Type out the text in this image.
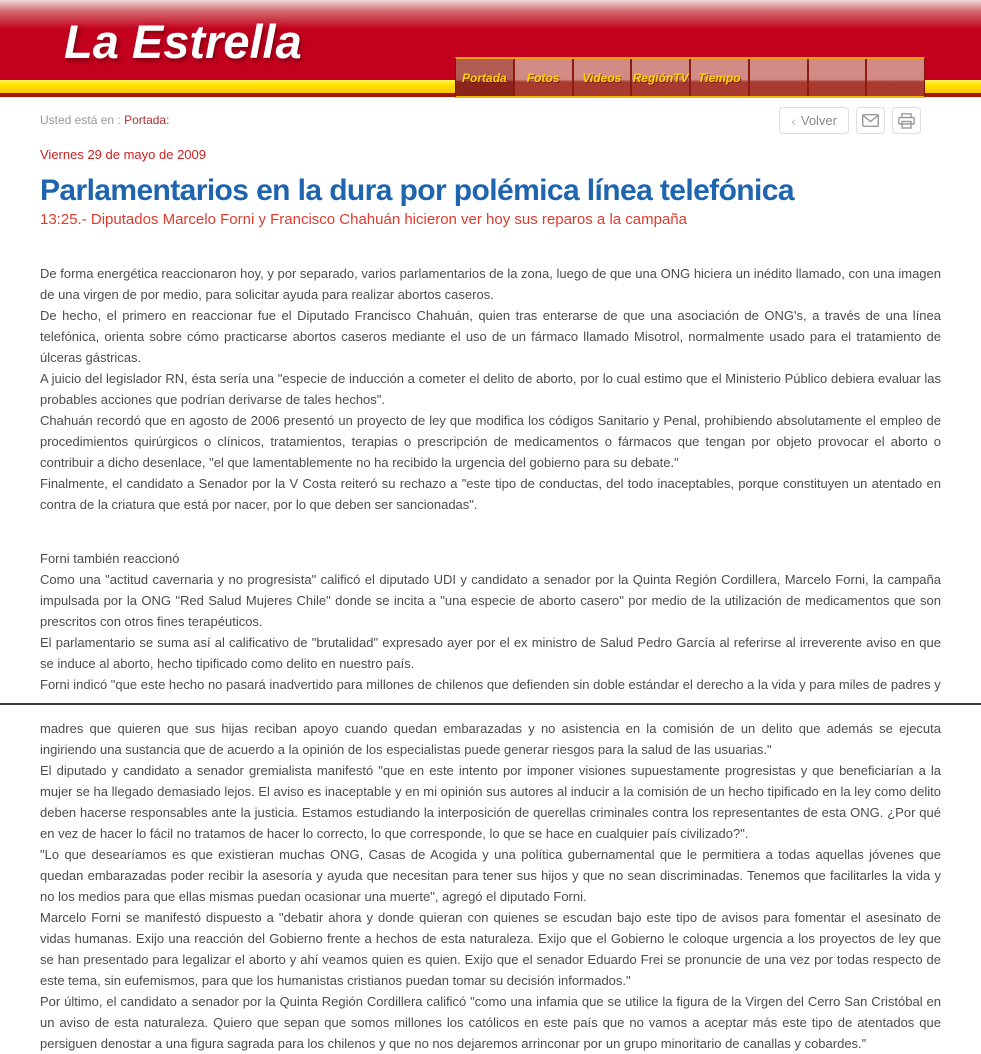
La Estrella
Portada Fotos Videos RegiónTV Tiempo
Usted está en : Portada:	‹ Volver
Viernes 29 de mayo de 2009
Parlamentarios en la dura por polémica línea telefónica
13:25.- Diputados Marcelo Forni y Francisco Chahuán hicieron ver hoy sus reparos a la campaña

De forma energética reaccionaron hoy, y por separado, varios parlamentarios de la zona, luego de que una ONG hiciera un inédito llamado, con una imagen de una virgen de por medio, para solicitar ayuda para realizar abortos caseros.

De hecho, el primero en reaccionar fue el Diputado Francisco Chahuán, quien tras enterarse de que una asociación de ONG's, a través de una línea telefónica, orienta sobre cómo practicarse abortos caseros mediante el uso de un fármaco llamado Misotrol, normalmente usado para el tratamiento de úlceras gástricas.

A juicio del legislador RN, ésta sería una "especie de inducción a cometer el delito de aborto, por lo cual estimo que el Ministerio Público debiera evaluar las probables acciones que podrían derivarse de tales hechos".

Chahuán recordó que en agosto de 2006 presentó un proyecto de ley que modifica los códigos Sanitario y Penal, prohibiendo absolutamente el empleo de procedimientos quirúrgicos o clínicos, tratamientos, terapias o prescripción de medicamentos o fármacos que tengan por objeto provocar el aborto o contribuir a dicho desenlace, "el que lamentablemente no ha recibido la urgencia del gobierno para su debate."

Finalmente, el candidato a Senador por la V Costa reiteró su rechazo a "este tipo de conductas, del todo inaceptables, porque constituyen un atentado en contra de la criatura que está por nacer, por lo que deben ser sancionadas".

Forni también reaccionó

Como una "actitud cavernaria y no progresista" calificó el diputado UDI y candidato a senador por la Quinta Región Cordillera, Marcelo Forni, la campaña impulsada por la ONG "Red Salud Mujeres Chile" donde se incita a "una especie de aborto casero" por medio de la utilización de medicamentos que son prescritos con otros fines terapéuticos.

El parlamentario se suma así al calificativo de "brutalidad" expresado ayer por el ex ministro de Salud Pedro García al referirse al irreverente aviso en que se induce al aborto, hecho tipificado como delito en nuestro país.

Forni indicó "que este hecho no pasará inadvertido para millones de chilenos que defienden sin doble estándar el derecho a la vida y para miles de padres y

madres que quieren que sus hijas reciban apoyo cuando quedan embarazadas y no asistencia en la comisión de un delito que además se ejecuta ingiriendo una sustancia que de acuerdo a la opinión de los especialistas puede generar riesgos para la salud de las usuarias."

El diputado y candidato a senador gremialista manifestó "que en este intento por imponer visiones supuestamente progresistas y que beneficiarían a la mujer se ha llegado demasiado lejos. El aviso es inaceptable y en mi opinión sus autores al inducir a la comisión de un hecho tipificado en la ley como delito deben hacerse responsables ante la justicia. Estamos estudiando la interposición de querellas criminales contra los representantes de esta ONG. ¿Por qué en vez de hacer lo fácil no tratamos de hacer lo correcto, lo que corresponde, lo que se hace en cualquier país civilizado?".

"Lo que desearíamos es que existieran muchas ONG, Casas de Acogida y una política gubernamental que le permitiera a todas aquellas jóvenes que quedan embarazadas poder recibir la asesoría y ayuda que necesitan para tener sus hijos y que no sean discriminadas. Tenemos que facilitarles la vida y no los medios para que ellas mismas puedan ocasionar una muerte", agregó el diputado Forni.

Marcelo Forni se manifestó dispuesto a "debatir ahora y donde quieran con quienes se escudan bajo este tipo de avisos para fomentar el asesinato de vidas humanas. Exijo una reacción del Gobierno frente a hechos de esta naturaleza. Exijo que el Gobierno le coloque urgencia a los proyectos de ley que se han presentado para legalizar el aborto y ahí veamos quien es quien. Exijo que el senador Eduardo Frei se pronuncie de una vez por todas respecto de este tema, sin eufemismos, para que los humanistas cristianos puedan tomar su decisión informados."

Por último, el candidato a senador por la Quinta Región Cordillera calificó "como una infamia que se utilice la figura de la Virgen del Cerro San Cristóbal en un aviso de esta naturaleza. Quiero que sepan que somos millones los católicos en este país que no vamos a aceptar más este tipo de atentados que persiguen denostar a una figura sagrada para los chilenos y que no nos dejaremos arrinconar por un grupo minoritario de canallas y cobardes."
